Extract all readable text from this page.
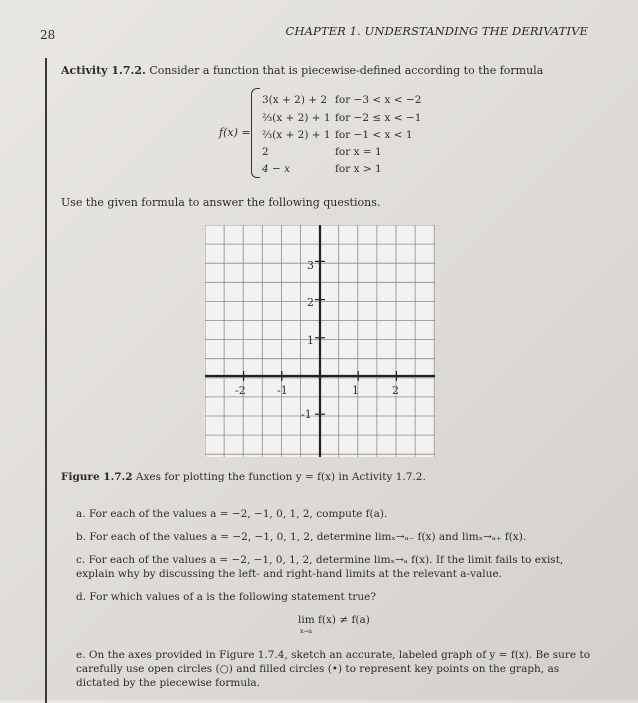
28	CHAPTER 1. UNDERSTANDING THE DERIVATIVE
Activity 1.7.2. Consider a function that is piecewise-defined according to the formula
f(x) =
3(x + 2) + 2 for −3 < x < −2
⅔(x + 2) + 1 for −2 ≤ x < −1
⅔(x + 2) + 1 for −1 < x < 1
2	for x = 1
4 − x	for x > 1
Use the given formula to answer the following questions.
-2	-1	1	2
3
2
1
-1
Figure 1.7.2 Axes for plotting the function y = f(x) in Activity 1.7.2.
a. For each of the values a = −2, −1, 0, 1, 2, compute f(a).
b. For each of the values a = −2, −1, 0, 1, 2, determine limₓ→ₐ₋ f(x) and limₓ→ₐ₊ f(x).
c. For each of the values a = −2, −1, 0, 1, 2, determine limₓ→ₐ f(x). If the limit fails to exist, explain why by discussing the left- and right-hand limits at the relevant a-value.
d. For which values of a is the following statement true?
lim f(x) ≠ f(a)
x→a
e. On the axes provided in Figure 1.7.4, sketch an accurate, labeled graph of y = f(x). Be sure to carefully use open circles (○) and filled circles (•) to represent key points on the graph, as dictated by the piecewise formula.
